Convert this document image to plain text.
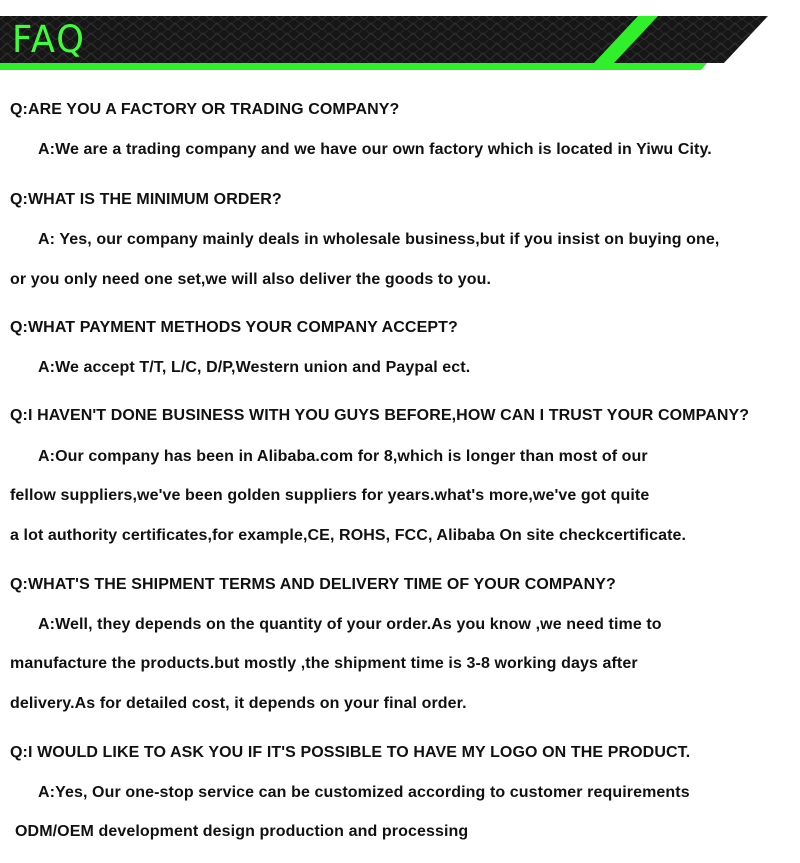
FAQ
Q:ARE YOU A FACTORY OR TRADING COMPANY?
A:We are a trading company and we have our own factory which is located in Yiwu City.
Q:WHAT IS THE MINIMUM ORDER?
A: Yes, our company mainly deals in wholesale business,but if you insist on buying one,
or you only need one set,we will also deliver the goods to you.
Q:WHAT PAYMENT METHODS YOUR COMPANY ACCEPT?
A:We accept T/T, L/C, D/P,Western union and Paypal ect.
Q:I HAVEN'T DONE BUSINESS WITH YOU GUYS BEFORE,HOW CAN I TRUST YOUR COMPANY?
A:Our company has been in Alibaba.com for 8,which is longer than most of our
fellow suppliers,we've been golden suppliers for years.what's more,we've got quite
a lot authority certificates,for example,CE, ROHS, FCC, Alibaba On site checkcertificate.
Q:WHAT'S THE SHIPMENT TERMS AND DELIVERY TIME OF YOUR COMPANY?
A:Well, they depends on the quantity of your order.As you know ,we need time to
manufacture the products.but mostly ,the shipment time is 3-8 working days after
delivery.As for detailed cost, it depends on your final order.
Q:I WOULD LIKE TO ASK YOU IF IT'S POSSIBLE TO HAVE MY LOGO ON THE PRODUCT.
A:Yes, Our one-stop service can be customized according to customer requirements
ODM/OEM development design production and processing
